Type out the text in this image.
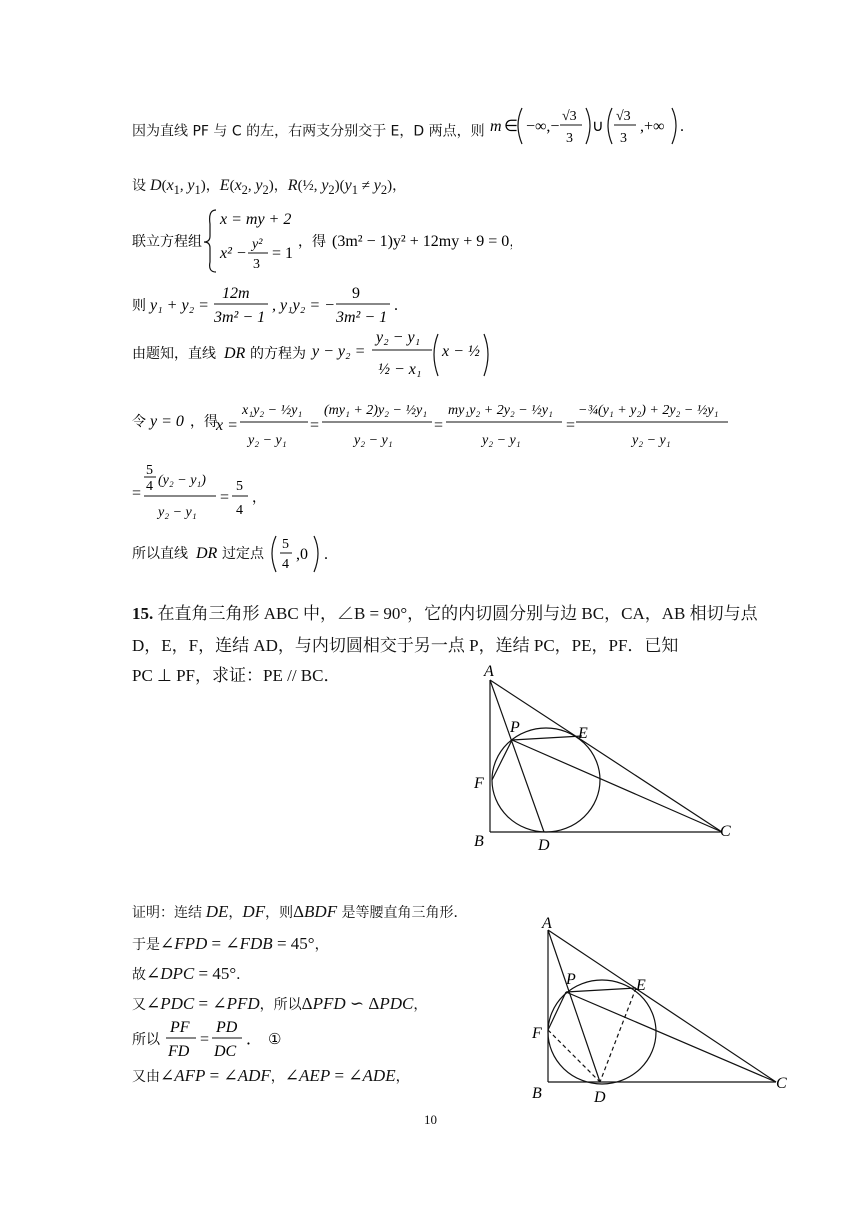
因为直线 PF 与 C 的左，右两支分别交于 E，D 两点，则 m ∈ −∞,−
√3
3
∪
√3
3
,+∞ .
设 $D(x_1$, $y_1$)，$E(x_2$, $y_2$)，R(½, $y_2)(y_1 \ne y_2)$，
联立方程组
x = my + 2
x² −
y²
3
= 1
，得 (3m² − 1)y² + 12my + 9 = 0，
则 y₁ + y₂ =
12m
3m² − 1
, y₁y₂ = −
9
3m² − 1
.
由题知，直线 DR 的方程为 y − y₂ =
y₂ − y₁
½ − x₁
x − ½
令 y = 0 ，得
x =
x₁y₂ − ½y₁
y₂ − y₁
=
(my₁ + 2)y₂ − ½y₁
y₂ − y₁
=
my₁y₂ + 2y₂ − ½y₁
y₂ − y₁
=
−¾(y₁ + y₂) + 2y₂ − ½y₁
y₂ − y₁
=
5
4 (y₂ − y₁)
y₂ − y₁
=
5
4
，
所以直线 DR 过定点
5
4
,0 .
15. 在直角三角形 ABC 中，∠B = 90°，它的内切圆分别与边 BC，CA，AB 相切与点
D，E，F，连结 AD，与内切圆相交于另一点 P，连结 PC，PE，PF．已知
PC ⊥ PF，求证：PE // BC．	A
B
C
D
E
F
P
证明：连结 DE，DF，则ΔBDF 是等腰直角三角形．
于是∠FPD = ∠FDB = 45°，
故∠DPC = 45°．
又∠PDC = ∠PFD，所以ΔPFD ∽ ΔPDC，
所以
PF
FD
=
PD
DC
． ①
又由∠AFP = ∠ADF，∠AEP = ∠ADE，
A
B
C
D
E
F
P
10
